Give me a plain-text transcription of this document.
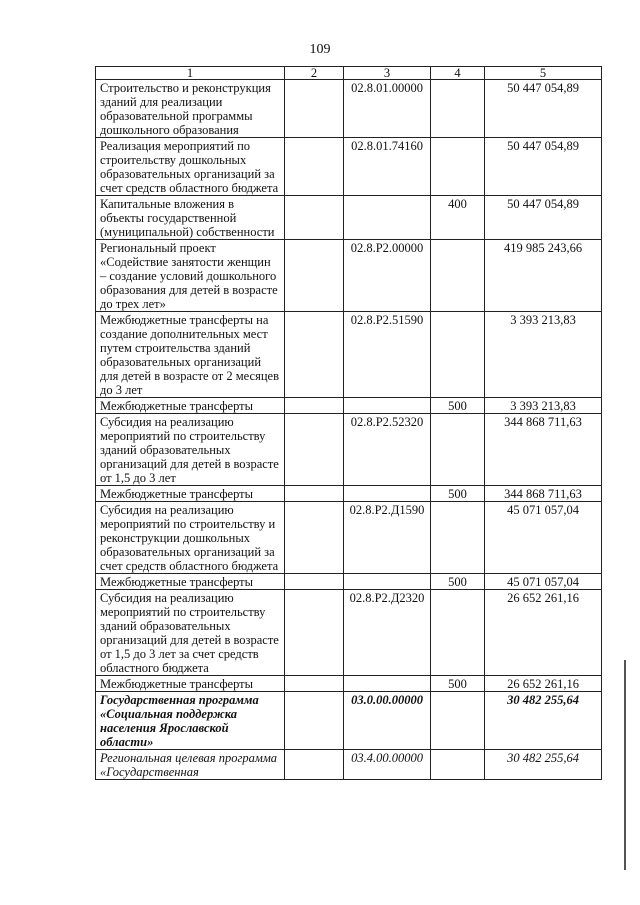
109
1	2	3	4	5
Строительство и реконструкция зданий для реализации образовательной программы дошкольного образования		02.8.01.00000		50 447 054,89
Реализация мероприятий по строительству дошкольных образовательных организаций за счет средств областного бюджета		02.8.01.74160		50 447 054,89
Капитальные вложения в объекты государственной (муниципальной) собственности			400	50 447 054,89
Региональный проект «Содействие занятости женщин – создание условий дошкольного образования для детей в возрасте до трех лет»		02.8.P2.00000		419 985 243,66
Межбюджетные трансферты на создание дополнительных мест путем строительства зданий образовательных организаций для детей в возрасте от 2 месяцев до 3 лет		02.8.P2.51590		3 393 213,83
Межбюджетные трансферты			500	3 393 213,83
Субсидия на реализацию мероприятий по строительству зданий образовательных организаций для детей в возрасте от 1,5 до 3 лет		02.8.P2.52320		344 868 711,63
Межбюджетные трансферты			500	344 868 711,63
Субсидия на реализацию мероприятий по строительству и реконструкции дошкольных образовательных организаций за счет средств областного бюджета		02.8.P2.Д1590		45 071 057,04
Межбюджетные трансферты			500	45 071 057,04
Субсидия на реализацию мероприятий по строительству зданий образовательных организаций для детей в возрасте от 1,5 до 3 лет за счет средств областного бюджета		02.8.P2.Д2320		26 652 261,16
Межбюджетные трансферты			500	26 652 261,16
Государственная программа «Социальная поддержка населения Ярославской области»		03.0.00.00000		30 482 255,64
Региональная целевая программа «Государственная		03.4.00.00000		30 482 255,64
